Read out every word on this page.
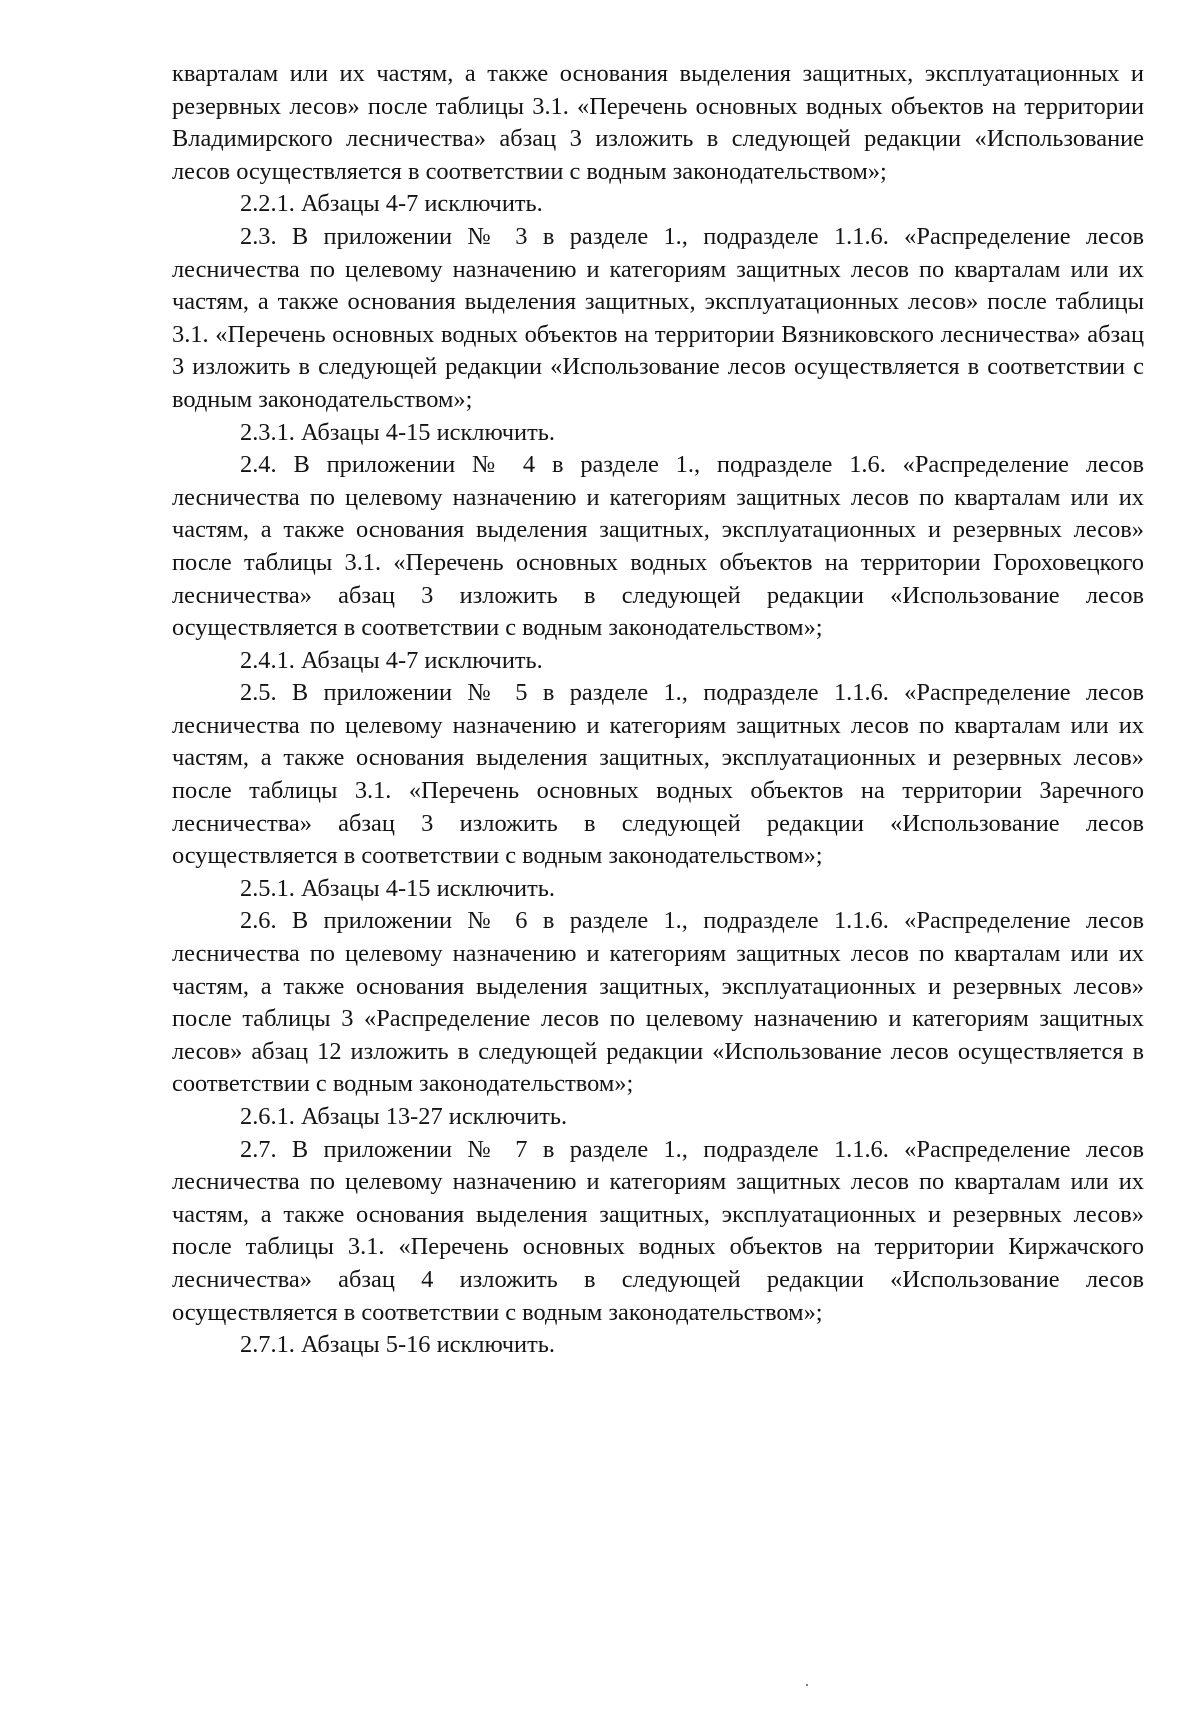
кварталам или их частям, а также основания выделения защитных, эксплуатационных и резервных лесов» после таблицы 3.1. «Перечень основных водных объектов на территории Владимирского лесничества» абзац 3 изложить в следующей редакции «Использование лесов осуществляется в соответствии с водным законодательством»;

2.2.1. Абзацы 4-7 исключить.

2.3. В приложении № 3 в разделе 1., подразделе 1.1.6. «Распределение лесов лесничества по целевому назначению и категориям защитных лесов по кварталам или их частям, а также основания выделения защитных, эксплуатационных лесов» после таблицы 3.1. «Перечень основных водных объектов на территории Вязниковского лесничества» абзац 3 изложить в следующей редакции «Использование лесов осуществляется в соответствии с водным законодательством»;

2.3.1. Абзацы 4-15 исключить.

2.4. В приложении № 4 в разделе 1., подразделе 1.6. «Распределение лесов лесничества по целевому назначению и категориям защитных лесов по кварталам или их частям, а также основания выделения защитных, эксплуатационных и резервных лесов» после таблицы 3.1. «Перечень основных водных объектов на территории Гороховецкого лесничества» абзац 3 изложить в следующей редакции «Использование лесов осуществляется в соответствии с водным законодательством»;

2.4.1. Абзацы 4-7 исключить.

2.5. В приложении № 5 в разделе 1., подразделе 1.1.6. «Распределение лесов лесничества по целевому назначению и категориям защитных лесов по кварталам или их частям, а также основания выделения защитных, эксплуатационных и резервных лесов» после таблицы 3.1. «Перечень основных водных объектов на территории Заречного лесничества» абзац 3 изложить в следующей редакции «Использование лесов осуществляется в соответствии с водным законодательством»;

2.5.1. Абзацы 4-15 исключить.

2.6. В приложении № 6 в разделе 1., подразделе 1.1.6. «Распределение лесов лесничества по целевому назначению и категориям защитных лесов по кварталам или их частям, а также основания выделения защитных, эксплуатационных и резервных лесов» после таблицы 3 «Распределение лесов по целевому назначению и категориям защитных лесов» абзац 12 изложить в следующей редакции «Использование лесов осуществляется в соответствии с водным законодательством»;

2.6.1. Абзацы 13-27 исключить.

2.7. В приложении № 7 в разделе 1., подразделе 1.1.6. «Распределение лесов лесничества по целевому назначению и категориям защитных лесов по кварталам или их частям, а также основания выделения защитных, эксплуатационных и резервных лесов» после таблицы 3.1. «Перечень основных водных объектов на территории Киржачского лесничества» абзац 4 изложить в следующей редакции «Использование лесов осуществляется в соответствии с водным законодательством»;

2.7.1. Абзацы 5-16 исключить.
